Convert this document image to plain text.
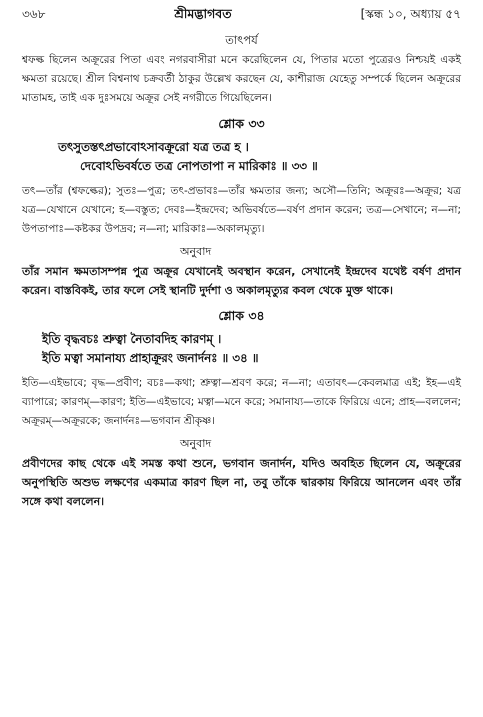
৩৬৮	শ্রীমদ্ভাগবত	[স্কন্ধ ১০, অধ্যায় ৫৭
তাৎপর্য

শ্বফল্ক ছিলেন অক্রূরের পিতা এবং নগরবাসীরা মনে করেছিলেন যে, পিতার মতো পুত্রেরও নিশ্চয়ই একই ক্ষমতা রয়েছে। শ্রীল বিশ্বনাথ চক্রবর্তী ঠাকুর উল্লেখ করছেন যে, কাশীরাজ যেহেতু সম্পর্কে ছিলেন অক্রূরের মাতামহ, তাই এক দুঃসময়ে অক্রূর সেই নগরীতে গিয়েছিলেন।

শ্লোক ৩৩
তৎসুতস্তৎপ্রভাবোঽসাবক্রূরো যত্র তত্র হ ।
দেবোঽভিবর্ষতে তত্র নোপতাপা ন মারিকাঃ ॥ ৩৩ ॥

তৎ—তাঁর (শ্বফল্কের); সুতঃ—পুত্র; তৎ-প্রভাবঃ—তাঁর ক্ষমতার জন্য; অসৌ—তিনি; অক্রূরঃ—অক্রূর; যত্র যত্র—যেখানে যেখানে; হ—বস্তুত; দেবঃ—ইন্দ্রদেব; অভিবর্ষতে—বর্ষণ প্রদান করেন; তত্র—সেখানে; ন—না; উপতাপাঃ—কষ্টকর উপদ্রব; ন—না; মারিকাঃ—অকালমৃত্যু।

অনুবাদ

তাঁর সমান ক্ষমতাসম্পন্ন পুত্র অক্রূর যেখানেই অবস্থান করেন, সেখানেই ইন্দ্রদেব যথেষ্ট বর্ষণ প্রদান করেন। বাস্তবিকই, তার ফলে সেই স্থানটি দুর্দশা ও অকালমৃত্যুর কবল থেকে মুক্ত থাকে।

শ্লোক ৩৪
ইতি বৃদ্ধবচঃ শ্রুত্বা নৈতাবদিহ কারণম্ ।
ইতি মত্বা সমানায্য প্রাহাক্রূরং জনার্দনঃ ॥ ৩৪ ॥

ইতি—এইভাবে; বৃদ্ধ—প্রবীণ; বচঃ—কথা; শ্রুত্বা—শ্রবণ করে; ন—না; এতাবৎ—কেবলমাত্র এই; ইহ—এই ব্যাপারে; কারণম্—কারণ; ইতি—এইভাবে; মত্বা—মনে করে; সমানায্য—তাকে ফিরিয়ে এনে; প্রাহ—বললেন; অক্রূরম্—অক্রূরকে; জনার্দনঃ—ভগবান শ্রীকৃষ্ণ।

অনুবাদ

প্রবীণদের কাছ থেকে এই সমস্ত কথা শুনে, ভগবান জনার্দন, যদিও অবহিত ছিলেন যে, অক্রূরের অনুপস্থিতি অশুভ লক্ষণের একমাত্র কারণ ছিল না, তবু তাঁকে দ্বারকায় ফিরিয়ে আনলেন এবং তাঁর সঙ্গে কথা বললেন।
